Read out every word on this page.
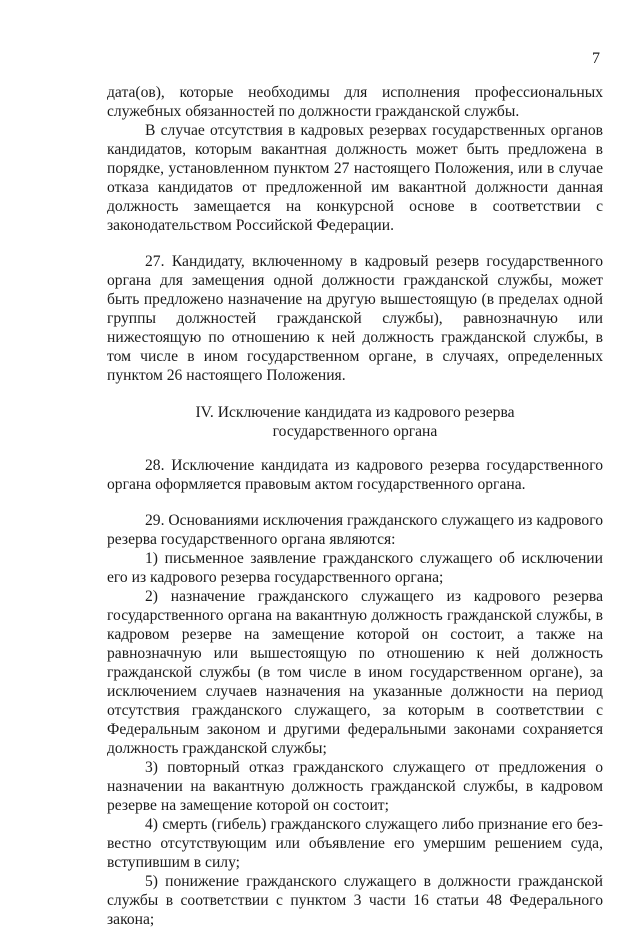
7

дата(ов), которые необходимы для исполнения профессиональных служебных обязанностей по должности гражданской службы.

В случае отсутствия в кадровых резервах государственных органов кандидатов, которым вакантная должность может быть предложена в порядке, установленном пунктом 27 настоящего Положения, или в случае отказа кандидатов от предложенной им вакантной должности данная должность замещается на конкурсной основе в соответствии с законодательством Российской Федерации.

27. Кандидату, включенному в кадровый резерв государственного органа для замещения одной должности гражданской службы, может быть предложено назначение на другую вышестоящую (в пределах одной группы должностей гражданской службы), равнозначную или нижестоящую по отношению к ней должность гражданской службы, в том числе в ином государственном органе, в случаях, определенных пунктом 26 настоящего Положения.

IV. Исключение кандидата из кадрового резерва
государственного органа

28. Исключение кандидата из кадрового резерва государственного органа оформляется правовым актом государственного органа.

29. Основаниями исключения гражданского служащего из кадрового резерва государственного органа являются:

1) письменное заявление гражданского служащего об исключении его из кадрового резерва государственного органа;

2) назначение гражданского служащего из кадрового резерва государственного органа на вакантную должность гражданской службы, в кадровом резерве на замещение которой он состоит, а также на равнозначную или вышестоящую по отношению к ней должность гражданской службы (в том числе в ином государственном органе), за исключением случаев назначения на указанные должности на период отсутствия гражданского служащего, за которым в соответствии с Федеральным законом и другими федеральными законами сохраняется должность гражданской службы;

3) повторный отказ гражданского служащего от предложения о назначении на вакантную должность гражданской службы, в кадровом резерве на замещение которой он состоит;

4) смерть (гибель) гражданского служащего либо признание его безвестно отсутствующим или объявление его умершим решением суда, вступившим в силу;

5) понижение гражданского служащего в должности гражданской службы в соответствии с пунктом 3 части 16 статьи 48 Федерального закона;
